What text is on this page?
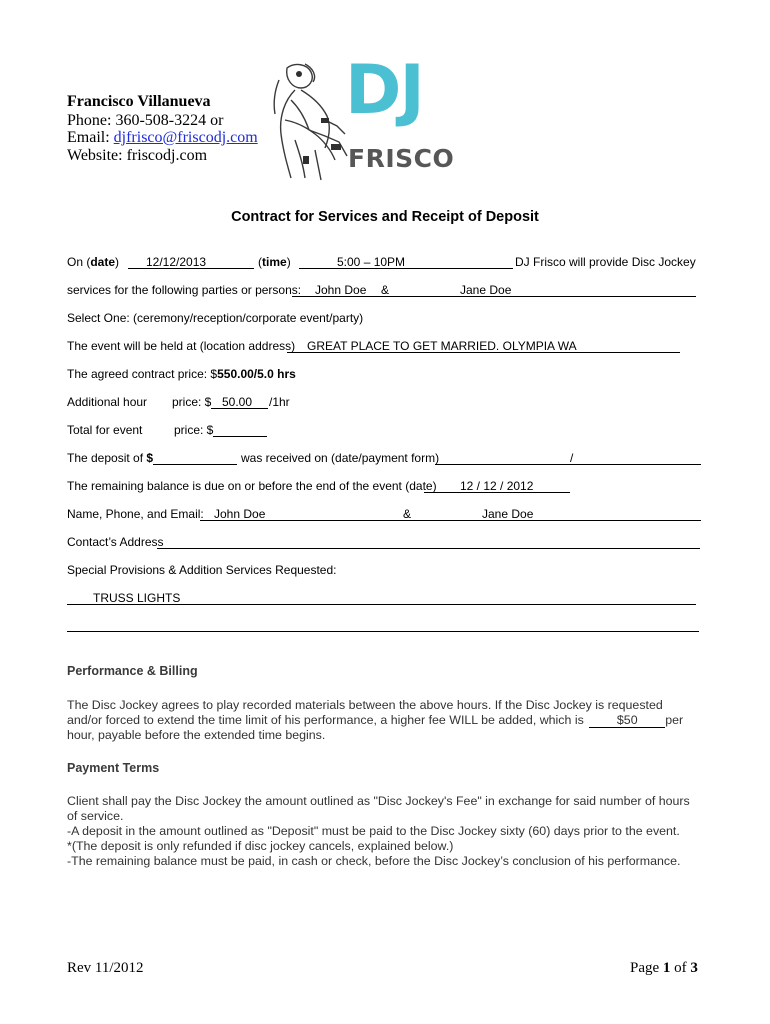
Francisco Villanueva
Phone: 360-508-3224 or
Email: djfrisco@friscodj.com
Website: friscodj.com
DJ
FRISCO
Contract for Services and Receipt of Deposit
On (date)	12/12/2013	(time)	5:00 – 10PM	DJ Frisco will provide Disc Jockey
services for the following parties or persons: John Doe &	Jane Doe
Select One: (ceremony/reception/corporate event/party)
The event will be held at (location address) GREAT PLACE TO GET MARRIED. OLYMPIA WA
The agreed contract price: $550.00/5.0 hrs
Additional hour price: $ 50.00	/1hr
Total for event	price: $
The deposit of $	was received on (date/payment form)	/
The remaining balance is due on or before the end of the event (date)	12 / 12 / 2012
Name, Phone, and Email: John Doe	&	Jane Doe
Contact’s Address
Special Provisions & Addition Services Requested:
TRUSS LIGHTS
Performance & Billing
The Disc Jockey agrees to play recorded materials between the above hours. If the Disc Jockey is requested
and/or forced to extend the time limit of his performance, a higher fee WILL be added, which is	$50 per
hour, payable before the extended time begins.
Payment Terms
Client shall pay the Disc Jockey the amount outlined as "Disc Jockey's Fee" in exchange for said number of hours
of service.
-A deposit in the amount outlined as "Deposit" must be paid to the Disc Jockey sixty (60) days prior to the event.
*(The deposit is only refunded if disc jockey cancels, explained below.)
-The remaining balance must be paid, in cash or check, before the Disc Jockey’s conclusion of his performance.
Rev 11/2012	Page 1 of 3
